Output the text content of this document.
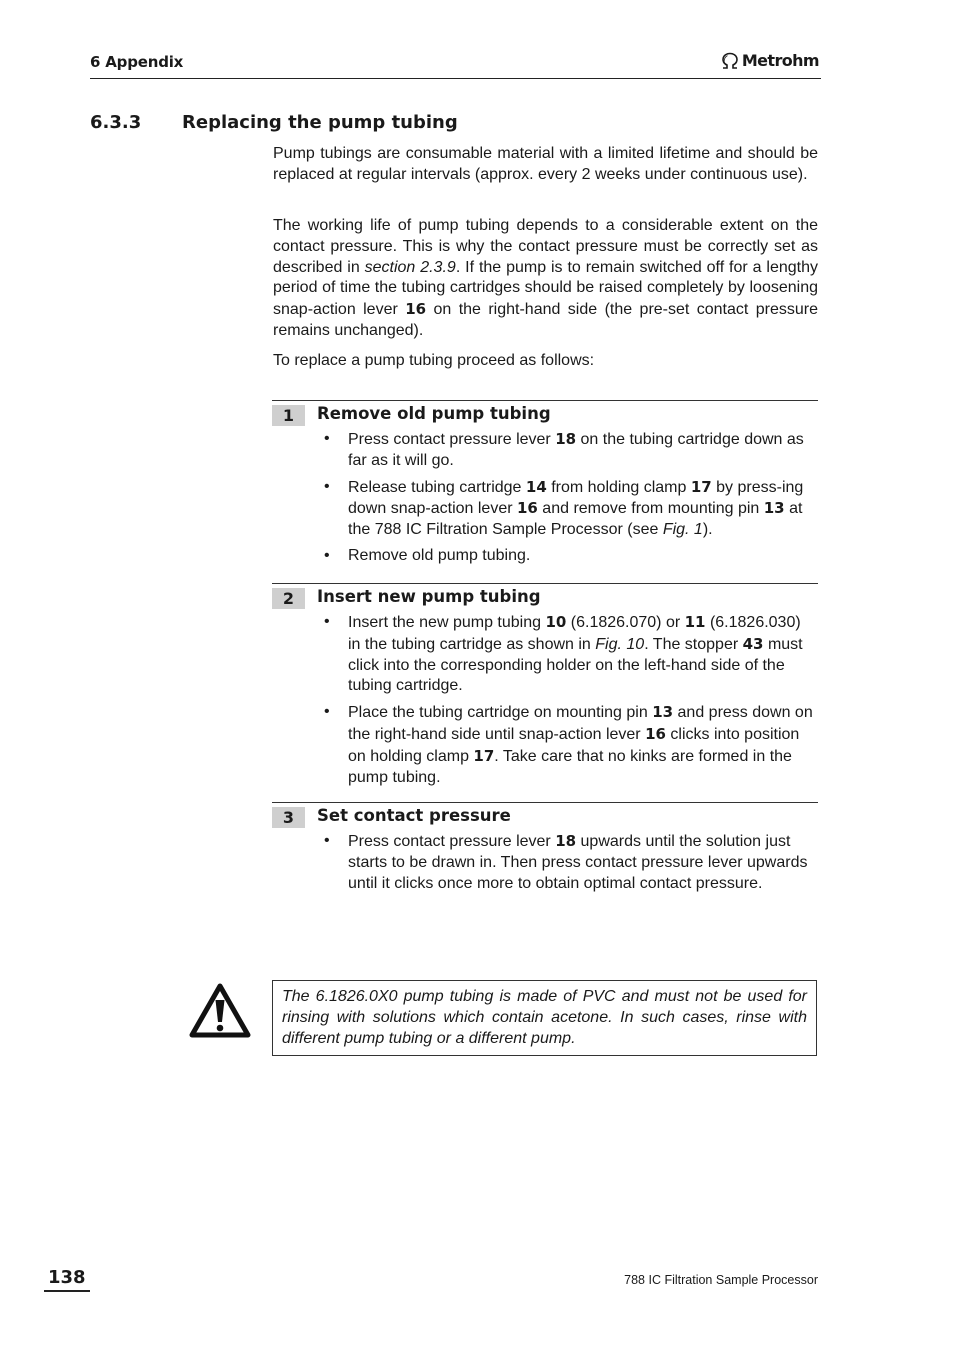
6 Appendix	Metrohm
6.3.3 Replacing the pump tubing

Pump tubings are consumable material with a limited lifetime and should be replaced at regular intervals (approx. every 2 weeks under continuous use).

The working life of pump tubing depends to a considerable extent on the contact pressure. This is why the contact pressure must be correctly set as described in section 2.3.9. If the pump is to remain switched off for a lengthy period of time the tubing cartridges should be raised completely by loosening snap-action lever 16 on the right-hand side (the pre-set contact pressure remains unchanged).

To replace a pump tubing proceed as follows:

1	Remove old pump tubing
• Press contact pressure lever 18 on the tubing cartridge down as far as it will go.
• Release tubing cartridge 14 from holding clamp 17 by press-ing down snap-action lever 16 and remove from mounting pin 13 at the 788 IC Filtration Sample Processor (see Fig. 1).
• Remove old pump tubing.
2	Insert new pump tubing
• Insert the new pump tubing 10 (6.1826.070) or 11 (6.1826.030) in the tubing cartridge as shown in Fig. 10. The stopper 43 must click into the corresponding holder on the left-hand side of the tubing cartridge.
• Place the tubing cartridge on mounting pin 13 and press down on the right-hand side until snap-action lever 16 clicks into position on holding clamp 17. Take care that no kinks are formed in the pump tubing.
3	Set contact pressure
• Press contact pressure lever 18 upwards until the solution just starts to be drawn in. Then press contact pressure lever upwards until it clicks once more to obtain optimal contact pressure.
The 6.1826.0X0 pump tubing is made of PVC and must not be used for rinsing with solutions which contain acetone. In such cases, rinse with different pump tubing or a different pump.
138	788 IC Filtration Sample Processor
